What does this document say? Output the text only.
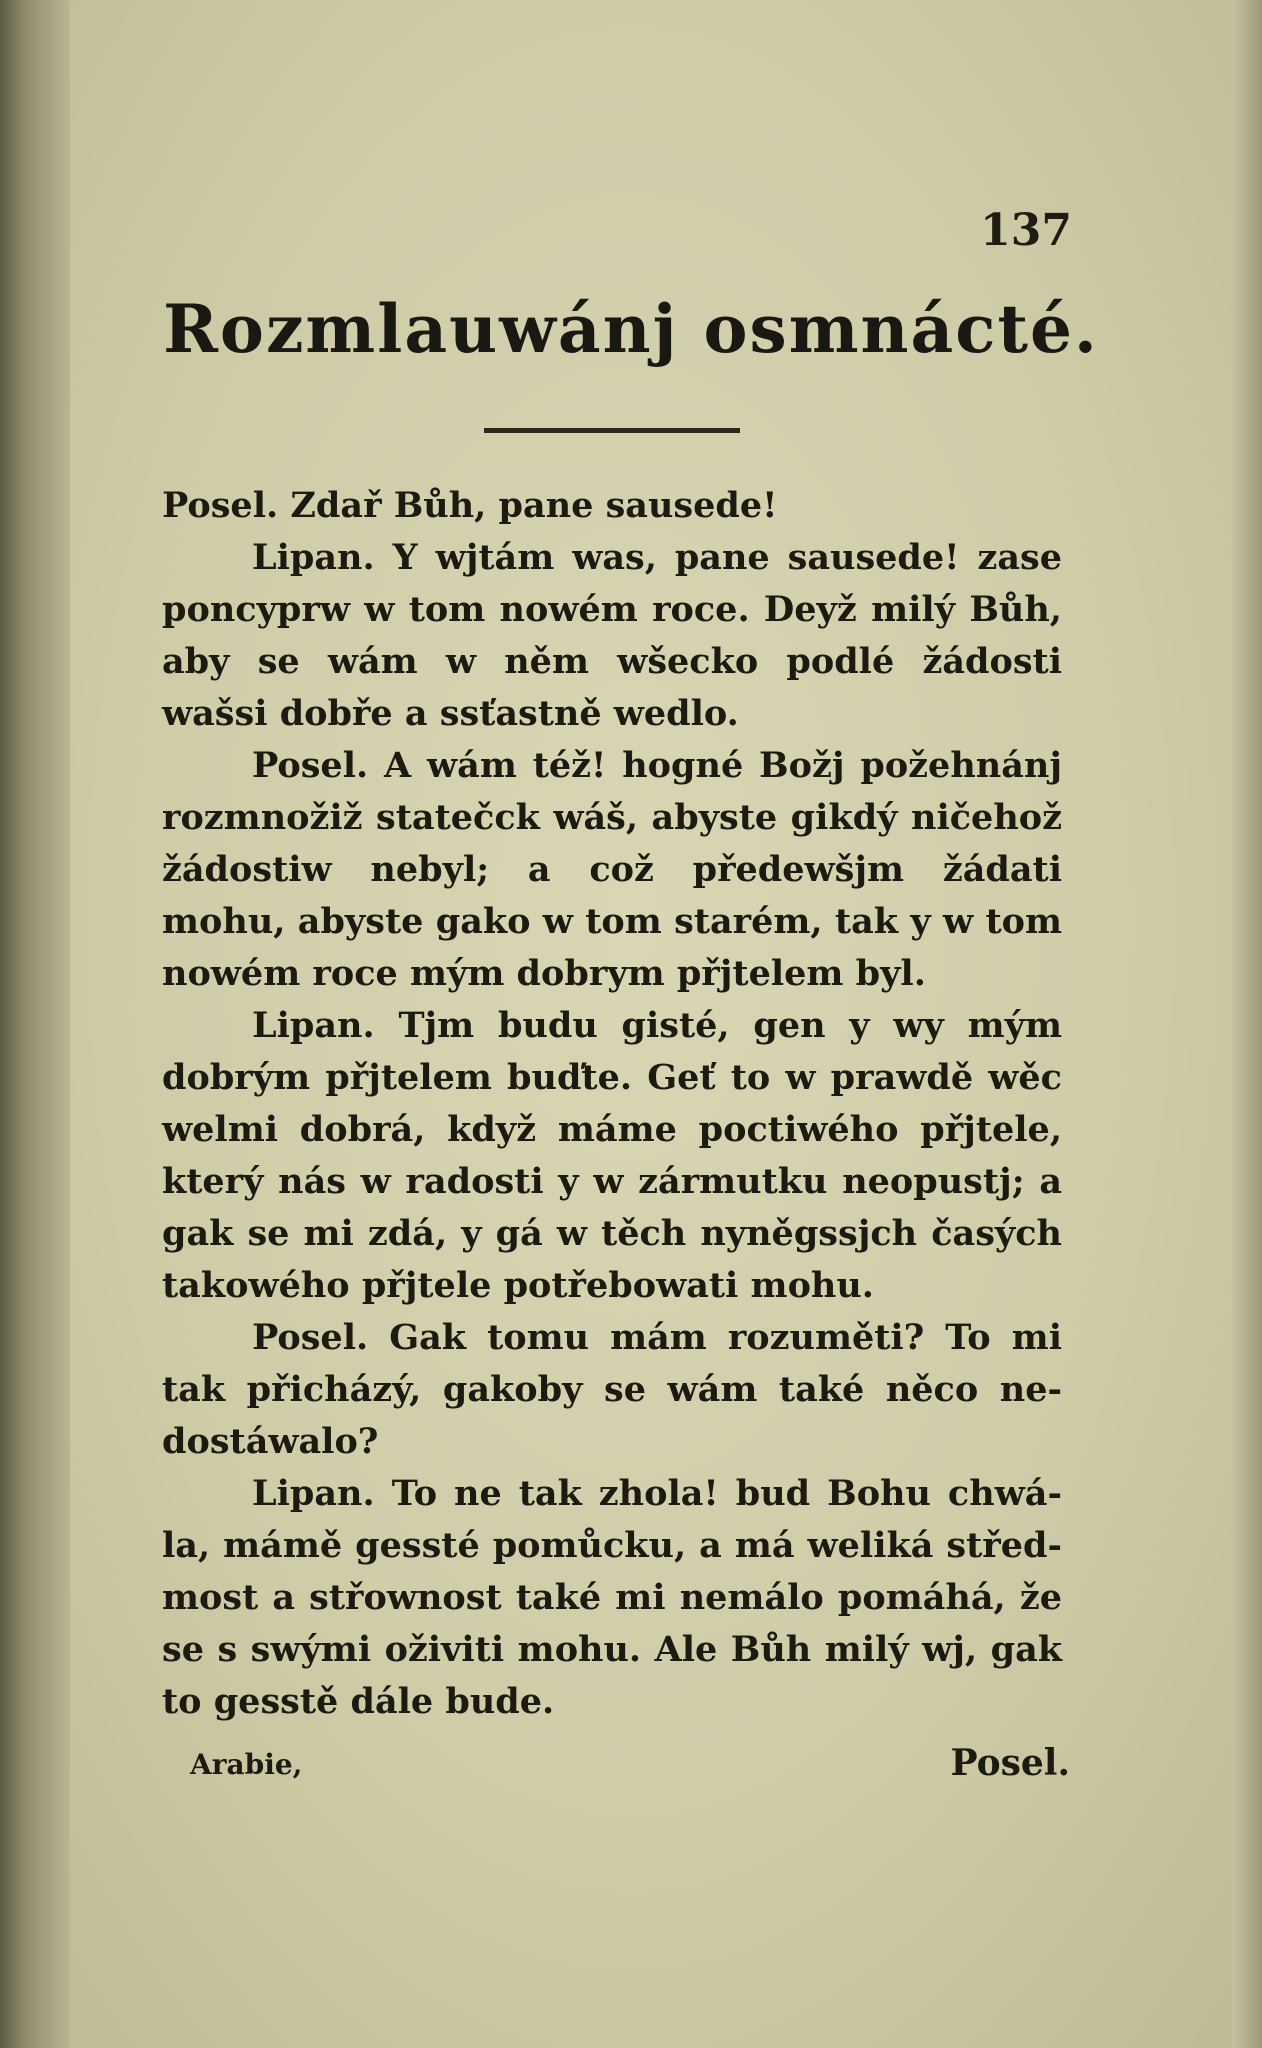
137
Rozmlauwánj osmnácté.

Posel. Zdař Bůh, pane sausede!

Lipan. Y wjtám was, pane sausede! zase poncyprw w tom nowém roce. Deyž milý Bůh, aby se wám w něm wšecko podlé žádosti wašsi dobře a ssťastně wedlo.

Posel. A wám též! hogné Božj požehnánj rozmnožiž statečck wáš, abyste gikdý ničehož žádostiw nebyl; a což předewšjm žádati mohu, abyste gako w tom starém, tak y w tom nowém roce mým dobrym přjtelem byl.

Lipan. Tjm budu gisté, gen y wy mým dobrým přjtelem buďte. Geť to w prawdě wěc welmi dobrá, když máme poctiwého přjtele, který nás w radosti y w zármutku neopustj; a gak se mi zdá, y gá w těch nyněgssjch časých takowého přjtele potřebowati mohu.

Posel. Gak tomu mám rozuměti? To mi tak přicházý, gakoby se wám také něco nedostáwalo?

Lipan. To ne tak zhola! bud Bohu chwála, mámě gessté pomůcku, a má weliká středmost a střownost také mi nemálo pomáhá, že se s swými oživiti mohu. Ale Bůh milý wj, gak to gesstě dále bude.

Arabie,	Posel.
